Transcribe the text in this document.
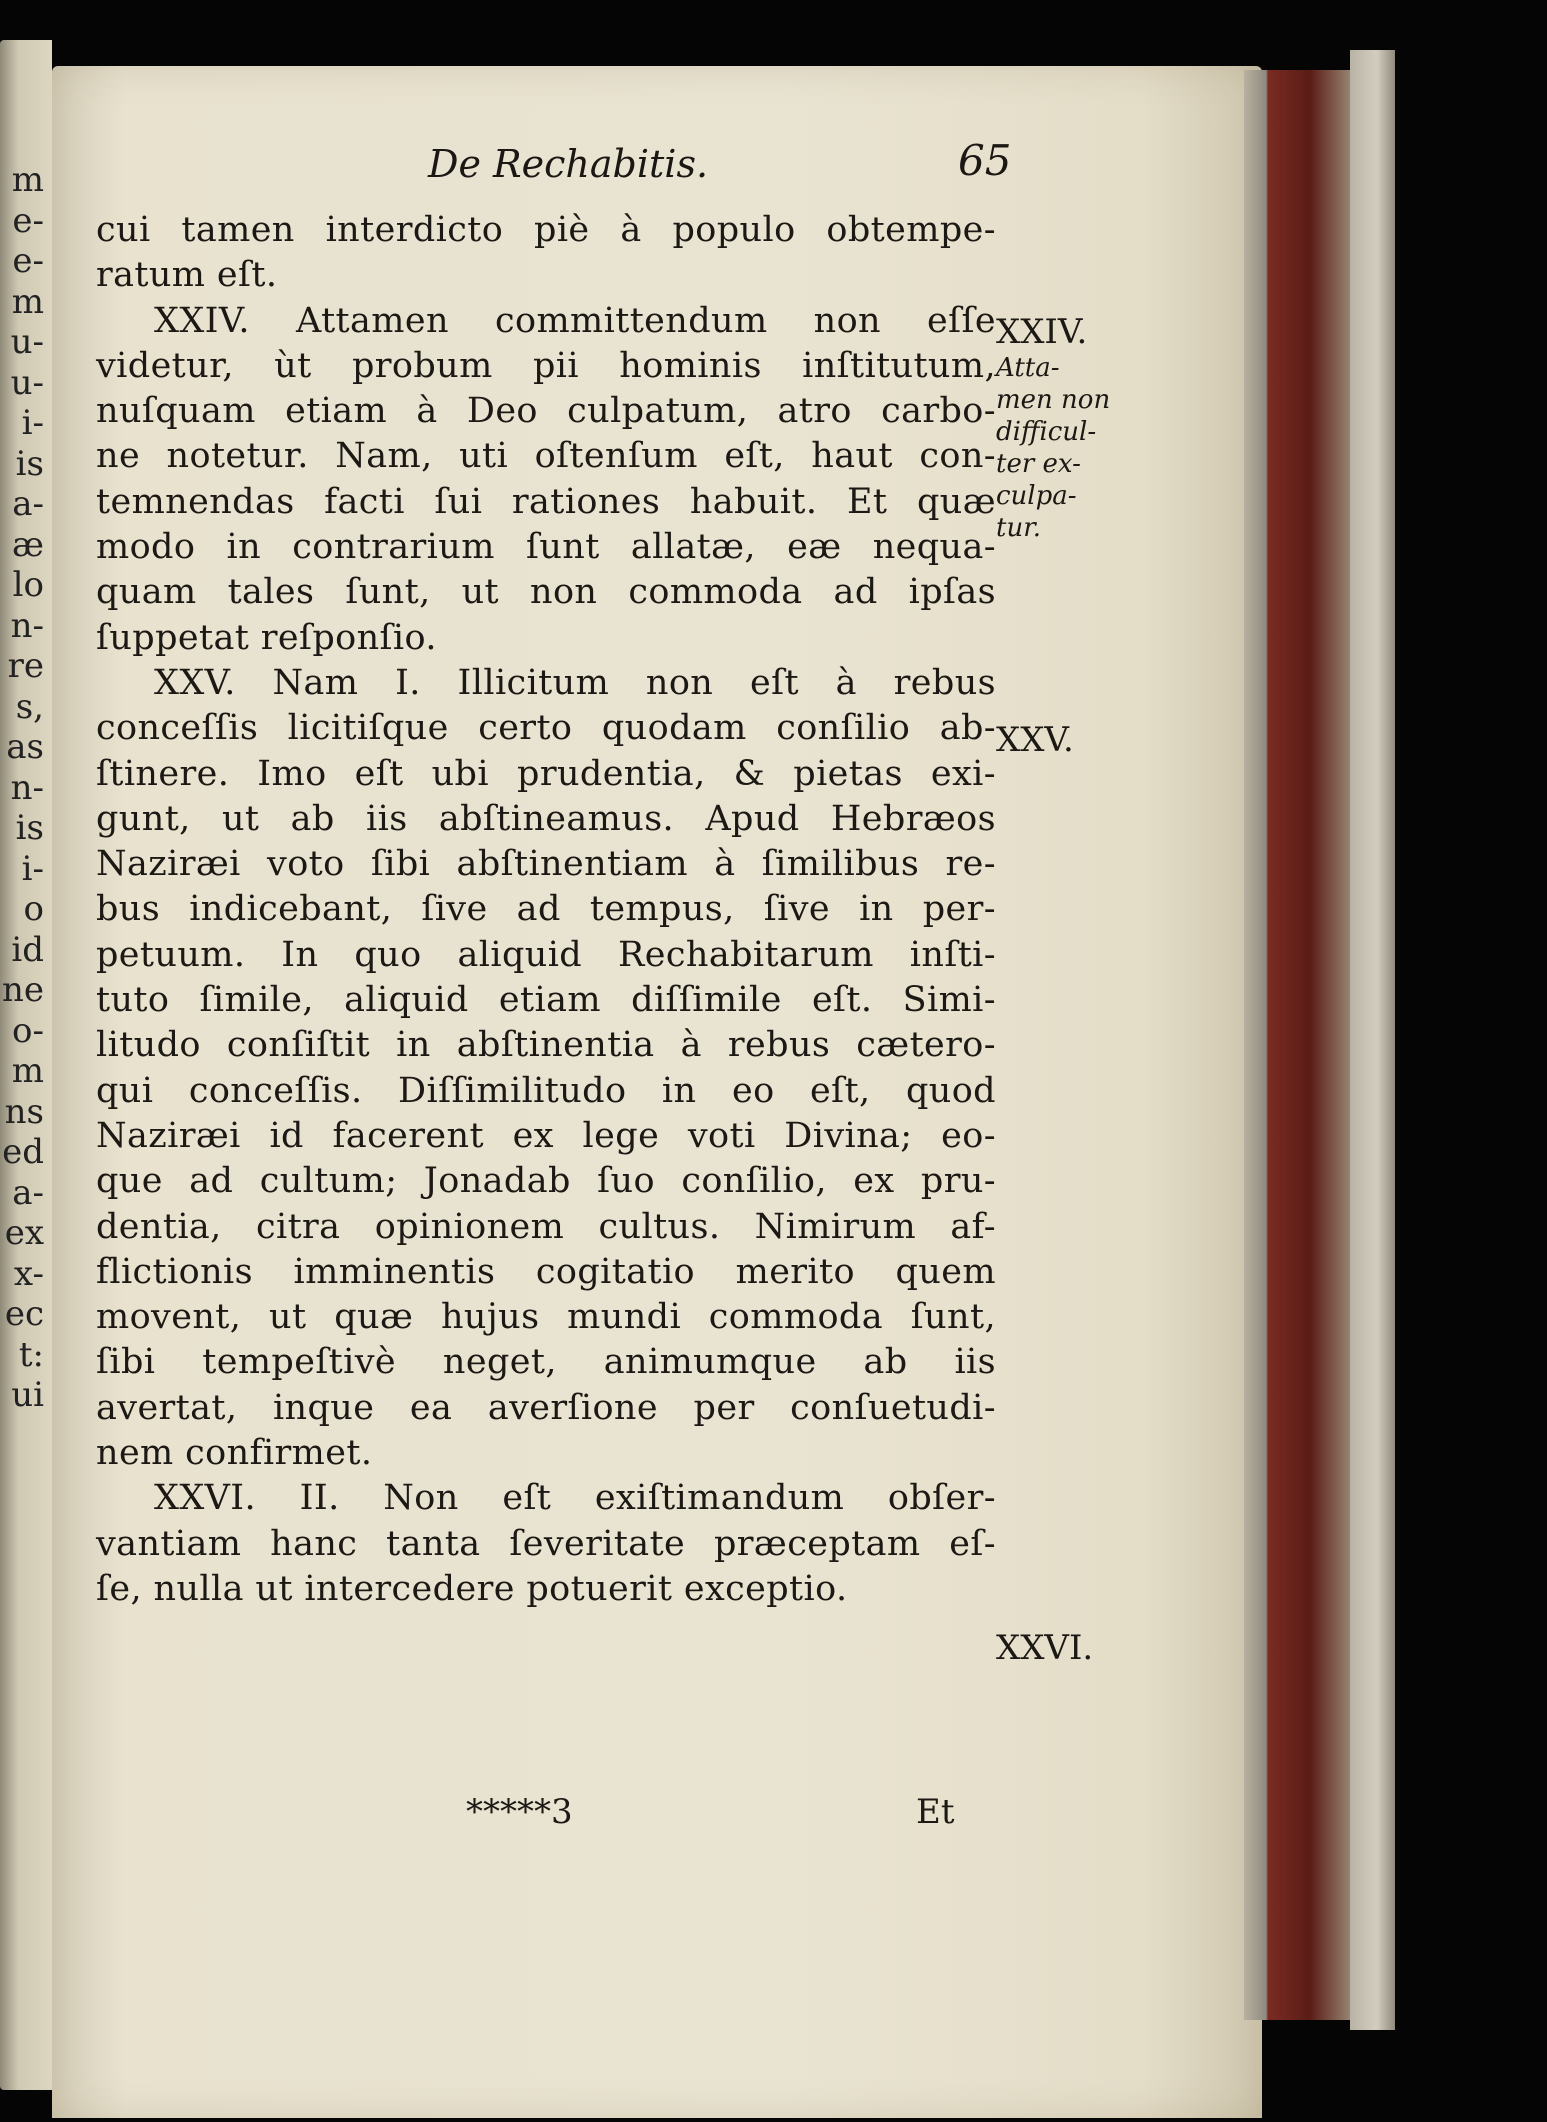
m
e-
e-
m
u-
u-
i-
is
a-
æ
lo
n-
re
s,
as
n-
is
i-
o
id
ne
o-
m
ns
ed
a-
ex
x-
ec
t:
ui
De Rechabitis.	65
cui tamen interdicto piè à populo obtempe-
ratum eſt.
XXIV. Attamen committendum non eſſe
videtur, ùt probum pii hominis inſtitutum,
nuſquam etiam à Deo culpatum, atro carbo-
ne notetur. Nam, uti oſtenſum eſt, haut con-
temnendas facti ſui rationes habuit. Et quæ
modo in contrarium ſunt allatæ, eæ nequa-
quam tales ſunt, ut non commoda ad ipſas
ſuppetat reſponſio.
XXV. Nam I. Illicitum non eſt à rebus
conceſſis licitiſque certo quodam conſilio ab-
ſtinere. Imo eſt ubi prudentia, & pietas exi-
gunt, ut ab iis abſtineamus. Apud Hebræos
Naziræi voto ſibi abſtinentiam à ſimilibus re-
bus indicebant, ſive ad tempus, ſive in per-
petuum. In quo aliquid Rechabitarum inſti-
tuto ſimile, aliquid etiam diſſimile eſt. Simi-
litudo conſiſtit in abſtinentia à rebus cætero-
qui conceſſis. Diſſimilitudo in eo eſt, quod
Naziræi id facerent ex lege voti Divina; eo-
que ad cultum; Jonadab ſuo conſilio, ex pru-
dentia, citra opinionem cultus. Nimirum af-
flictionis imminentis cogitatio merito quem
movent, ut quæ hujus mundi commoda ſunt,
ſibi tempeſtivè neget, animumque ab iis
avertat, inque ea averſione per conſuetudi-
nem confirmet.
XXVI. II. Non eſt exiſtimandum obſer-
vantiam hanc tanta ſeveritate præceptam eſ-
ſe, nulla ut intercedere potuerit exceptio.
XXIV.
Atta-
men non
difficul-
ter ex-
culpa-
tur.
XXV.
XXVI.
*****3	Et
